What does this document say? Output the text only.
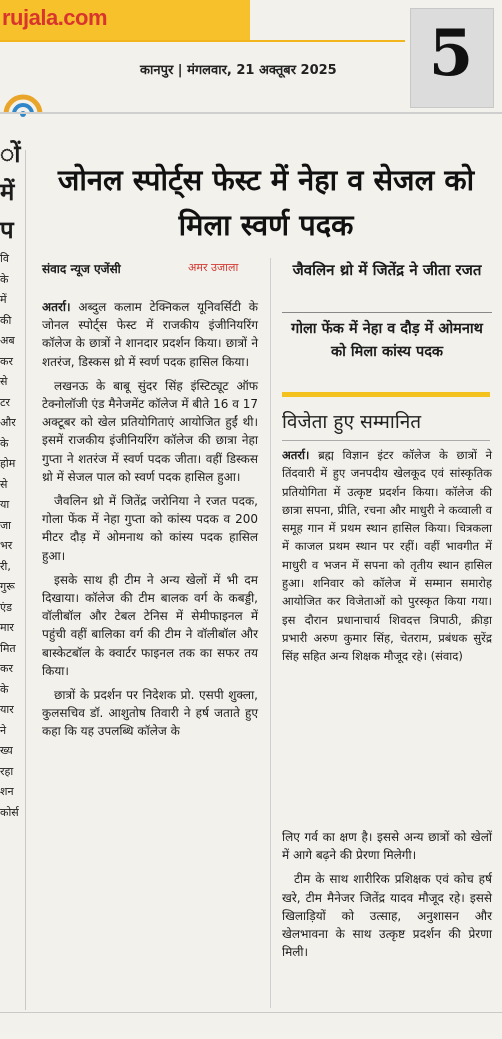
rujala.com
कानपुर | मंगलवार, 21 अक्तूबर 2025 5
ों
में
प
वि
के
में
की
अब
कर
से
टर
और
के
होम
से
या
जा
भर
री,
गुरू
एंड
मार
मित
कर
के
यार
ने
ख्य
रहा
शन
कोर्स
जोनल स्पोर्ट्स फेस्ट में नेहा व सेजल को मिला स्वर्ण पदक
संवाद न्यूज एजेंसी	अमर उजाला

अतर्रा। अब्दुल कलाम टेक्निकल यूनिवर्सिटी के जोनल स्पोर्ट्स फेस्ट में राजकीय इंजीनियरिंग कॉलेज के छात्रों ने शानदार प्रदर्शन किया। छात्रों ने शतरंज, डिस्कस थ्रो में स्वर्ण पदक हासिल किया।

लखनऊ के बाबू सुंदर सिंह इंस्टिट्यूट ऑफ टेक्नोलॉजी एंड मैनेजमेंट कॉलेज में बीते 16 व 17 अक्टूबर को खेल प्रतियोगिताएं आयोजित हुईं थी। इसमें राजकीय इंजीनियरिंग कॉलेज की छात्रा नेहा गुप्ता ने शतरंज में स्वर्ण पदक जीता। वहीं डिस्कस थ्रो में सेजल पाल को स्वर्ण पदक हासिल हुआ।

जैवलिन थ्रो में जितेंद्र जरोनिया ने रजत पदक, गोला फेंक में नेहा गुप्ता को कांस्य पदक व 200 मीटर दौड़ में ओमनाथ को कांस्य पदक हासिल हुआ।

इसके साथ ही टीम ने अन्य खेलों में भी दम दिखाया। कॉलेज की टीम बालक वर्ग के कबड्डी, वॉलीबॉल और टेबल टेनिस में सेमीफाइनल में पहुंची वहीं बालिका वर्ग की टीम ने वॉलीबॉल और बास्केटबॉल के क्वार्टर फाइनल तक का सफर तय किया।

छात्रों के प्रदर्शन पर निदेशक प्रो. एसपी शुक्ला, कुलसचिव डॉ. आशुतोष तिवारी ने हर्ष जताते हुए कहा कि यह उपलब्धि कॉलेज के

जैवलिन थ्रो में जितेंद्र ने जीता रजत
गोला फेंक में नेहा व दौड़ में ओमनाथ को मिला कांस्य पदक
विजेता हुए सम्मानित

अतर्रा। ब्रह्म विज्ञान इंटर कॉलेज के छात्रों ने तिंदवारी में हुए जनपदीय खेलकूद एवं सांस्कृतिक प्रतियोगिता में उत्कृष्ट प्रदर्शन किया। कॉलेज की छात्रा सपना, प्रीति, रचना और माधुरी ने कव्वाली व समूह गान में प्रथम स्थान हासिल किया। चित्रकला में काजल प्रथम स्थान पर रहीं। वहीं भावगीत में माधुरी व भजन में सपना को तृतीय स्थान हासिल हुआ। शनिवार को कॉलेज में सम्मान समारोह आयोजित कर विजेताओं को पुरस्कृत किया गया। इस दौरान प्रधानाचार्य शिवदत्त त्रिपाठी, क्रीड़ा प्रभारी अरुण कुमार सिंह, चेतराम, प्रबंधक सुरेंद्र सिंह सहित अन्य शिक्षक मौजूद रहे। (संवाद)

लिए गर्व का क्षण है। इससे अन्य छात्रों को खेलों में आगे बढ़ने की प्रेरणा मिलेगी।

टीम के साथ शारीरिक प्रशिक्षक एवं कोच हर्ष खरे, टीम मैनेजर जितेंद्र यादव मौजूद रहे। इससे खिलाड़ियों को उत्साह, अनुशासन और खेलभावना के साथ उत्कृष्ट प्रदर्शन की प्रेरणा मिली।
